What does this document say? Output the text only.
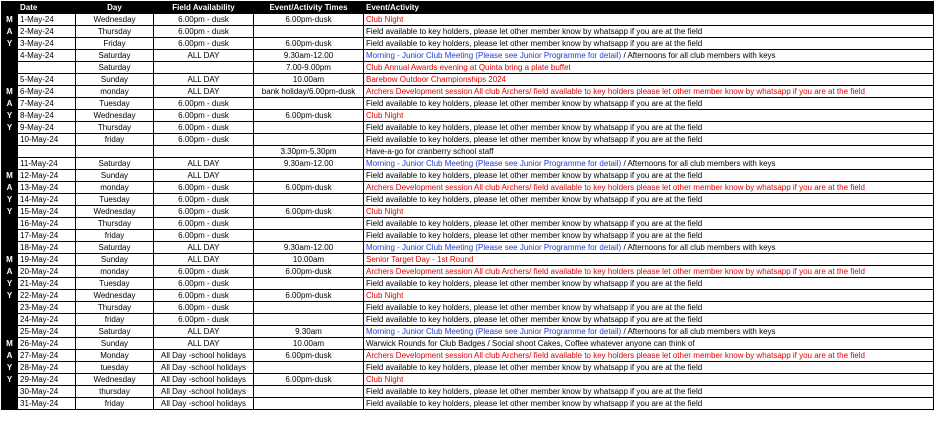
	Date	Day	Field Availability	Event/Activity Times	Event/Activity
M	1-May-24	Wednesday	6.00pm - dusk	6.00pm-dusk	Club Night
A	2-May-24	Thursday	6.00pm - dusk		Field available to key holders, please let other member know by whatsapp if you are at the field
Y	3-May-24	Friday	6.00pm - dusk	6.00pm-dusk	Field available to key holders, please let other member know by whatsapp if you are at the field
	4-May-24	Saturday	ALL DAY	9.30am-12.00	Morning - Junior Club Meeting (Please see Junior Programme for detail) / Afternoons for all club members with keys
		Saturday		7.00-9.00pm	Club Annual Awards evening at Quinta bring a plate buffet
	5-May-24	Sunday	ALL DAY	10.00am	Barebow Outdoor Championships 2024
M	6-May-24	monday	ALL DAY	bank holiday/6.00pm-dusk	Archers Development session All club Archers/ field available to key holders please let other member know by whatsapp if you are at the field
A	7-May-24	Tuesday	6.00pm - dusk		Field available to key holders, please let other member know by whatsapp if you are at the field
Y	8-May-24	Wednesday	6.00pm - dusk	6.00pm-dusk	Club Night
Y	9-May-24	Thursday	6.00pm - dusk		Field available to key holders, please let other member know by whatsapp if you are at the field
	10-May-24	friday	6.00pm - dusk		Field available to key holders, please let other member know by whatsapp if you are at the field
				3.30pm-5.30pm	Have-a-go for cranberry school staff
	11-May-24	Saturday	ALL DAY	9.30am-12.00	Morning - Junior Club Meeting (Please see Junior Programme for detail) / Afternoons for all club members with keys
M	12-May-24	Sunday	ALL DAY		Field available to key holders, please let other member know by whatsapp if you are at the field
A	13-May-24	monday	6.00pm - dusk	6.00pm-dusk	Archers Development session All club Archers/ field available to key holders please let other member know by whatsapp if you are at the field
Y	14-May-24	Tuesday	6.00pm - dusk		Field available to key holders, please let other member know by whatsapp if you are at the field
Y	15-May-24	Wednesday	6.00pm - dusk	6.00pm-dusk	Club Night
	16-May-24	Thursday	6.00pm - dusk		Field available to key holders, please let other member know by whatsapp if you are at the field
	17-May-24	friday	6.00pm - dusk		Field available to key holders, please let other member know by whatsapp if you are at the field
	18-May-24	Saturday	ALL DAY	9.30am-12.00	Morning - Junior Club Meeting (Please see Junior Programme for detail) / Afternoons for all club members with keys
M	19-May-24	Sunday	ALL DAY	10.00am	Senior Target Day - 1st Round
A	20-May-24	monday	6.00pm - dusk	6.00pm-dusk	Archers Development session All club Archers/ field available to key holders please let other member know by whatsapp if you are at the field
Y	21-May-24	Tuesday	6.00pm - dusk		Field available to key holders, please let other member know by whatsapp if you are at the field
Y	22-May-24	Wednesday	6.00pm - dusk	6.00pm-dusk	Club Night
	23-May-24	Thursday	6.00pm - dusk		Field available to key holders, please let other member know by whatsapp if you are at the field
	24-May-24	friday	6.00pm - dusk		Field available to key holders, please let other member know by whatsapp if you are at the field
	25-May-24	Saturday	ALL DAY	9.30am	Morning - Junior Club Meeting (Please see Junior Programme for detail) / Afternoons for all club members with keys
M	26-May-24	Sunday	ALL DAY	10.00am	Warwick Rounds for Club Badges / Social shoot Cakes, Coffee whatever anyone can think of
A	27-May-24	Monday	All Day -school holidays	6.00pm-dusk	Archers Development session All club Archers/ field available to key holders please let other member know by whatsapp if you are at the field
Y	28-May-24	tuesday	All Day -school holidays		Field available to key holders, please let other member know by whatsapp if you are at the field
Y	29-May-24	Wednesday	All Day -school holidays	6.00pm-dusk	Club Night
	30-May-24	thursday	All Day -school holidays		Field available to key holders, please let other member know by whatsapp if you are at the field
	31-May-24	friday	All Day -school holidays		Field available to key holders, please let other member know by whatsapp if you are at the field
